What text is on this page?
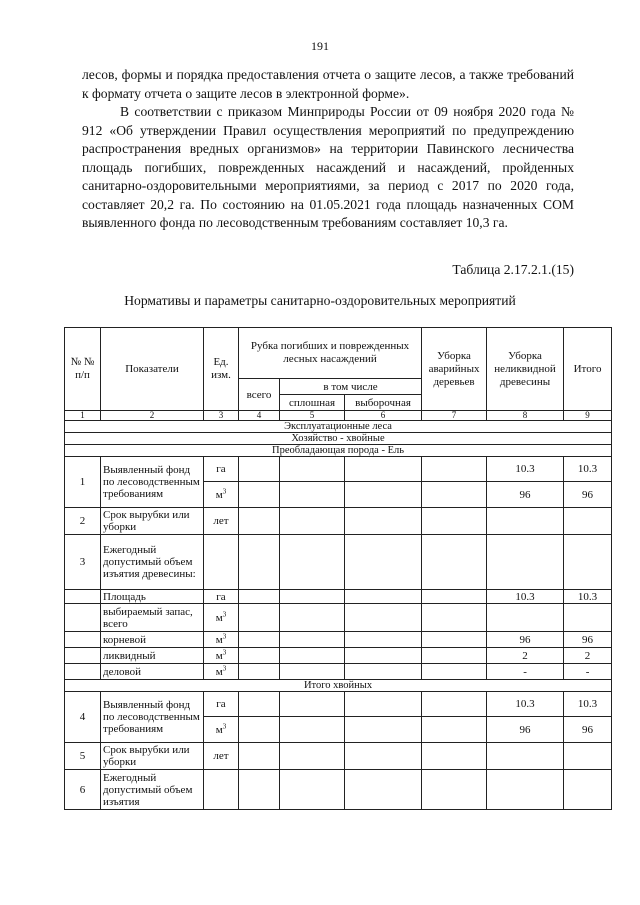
191

лесов, формы и порядка предоставления отчета о защите лесов, а также требований к формату отчета о защите лесов в электронной форме».

В соответствии с приказом Минприроды России от 09 ноября 2020 года № 912 «Об утверждении Правил осуществления мероприятий по предупреждению распространения вредных организмов» на территории Павинского лесничества площадь погибших, поврежденных насаждений и насаждений, пройденных санитарно-оздоровительными мероприятиями, за период с 2017 по 2020 года, составляет 20,2 га. По состоянию на 01.05.2021 года площадь назначенных СОМ выявленного фонда по лесоводственным требованиям составляет 10,3 га.

Таблица 2.17.2.1.(15)
Нормативы и параметры санитарно-оздоровительных мероприятий
№ № п/п	Показатели	Ед. изм.	Рубка погибших и поврежденных лесных насаждений			Уборка аварийных деревьев	Уборка неликвидной древесины	Итого
			всего	в том числе				
				сплошная	выборочная			
1	2	3	4	5	6	7	8	9
Эксплуатационные леса								
Хозяйство - хвойные								
Преобладающая порода - Ель								
1	Выявленный фонд по лесоводственным требованиям	га					10.3	10.3
		$м^3$					96	96
2	Срок вырубки или уборки	лет						
3	Ежегодный допустимый объем изъятия древесины:							
	Площадь	га					10.3	10.3
	выбираемый запас, всего	$м^3$						
	корневой	$м^3$					96	96
	ликвидный	$м^3$					2	2
	деловой	$м^3$					-	-
Итого хвойных								
4	Выявленный фонд по лесоводственным требованиям	га					10.3	10.3
		$м^3$					96	96
5	Срок вырубки или уборки	лет						
6	Ежегодный допустимый объем изъятия							
